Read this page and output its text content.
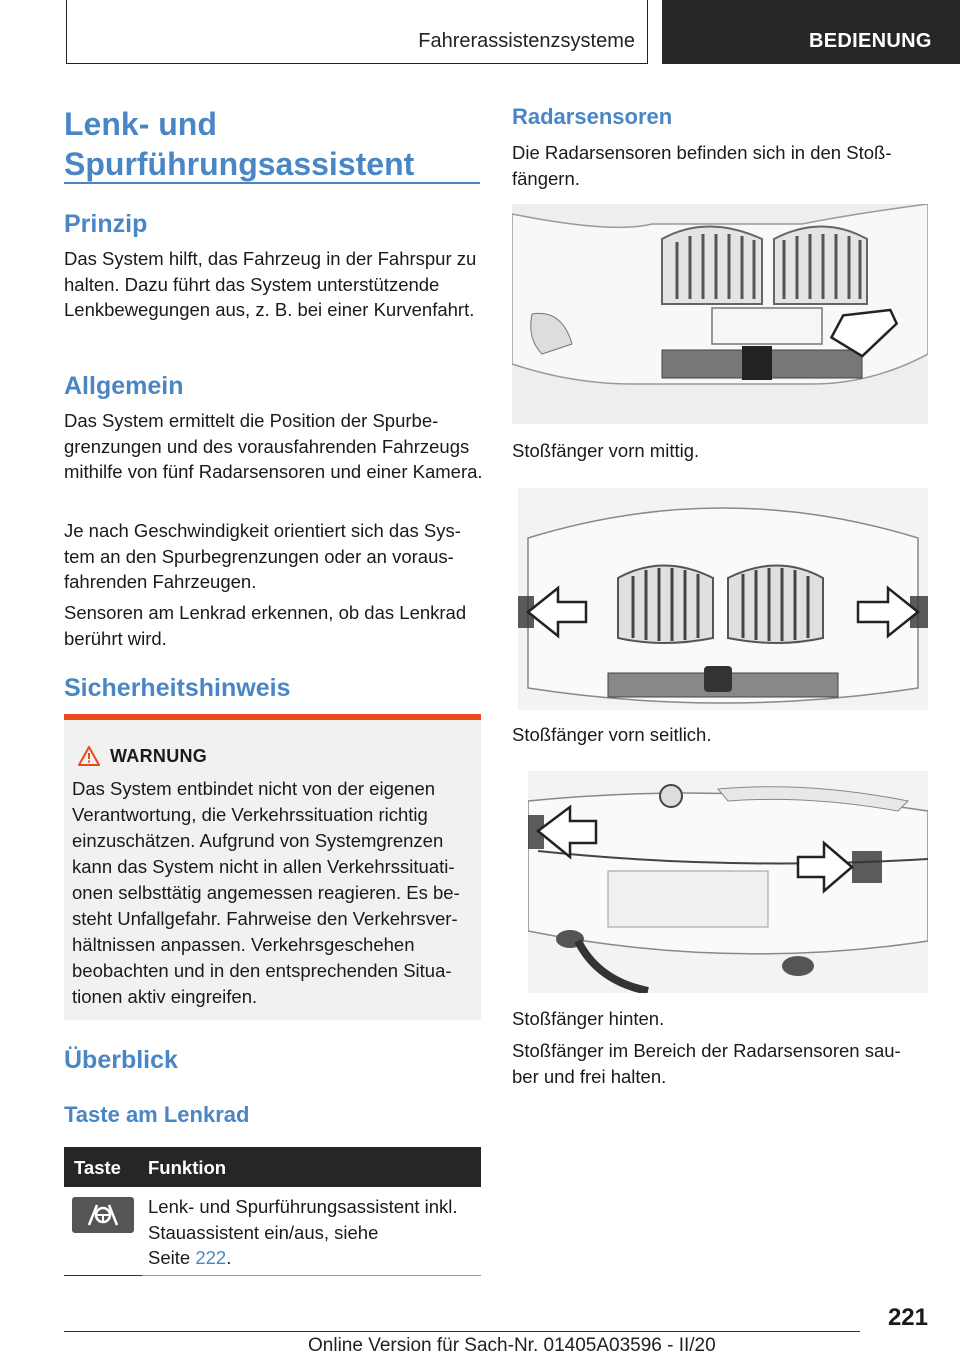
Fahrerassistenzsysteme	BEDIENUNG
Lenk- und Spurführungsassistent
Prinzip
Das System hilft, das Fahrzeug in der Fahrspur zu halten. Dazu führt das System unterstützende Lenkbewegungen aus, z. B. bei einer Kurvenfahrt.
Allgemein
Das System ermittelt die Position der Spurbegrenzungen und des vorausfahrenden Fahrzeugs mithilfe von fünf Radarsensoren und einer Kamera.
Je nach Geschwindigkeit orientiert sich das System an den Spurbegrenzungen oder an vorausfahrenden Fahrzeugen.
Sensoren am Lenkrad erkennen, ob das Lenkrad berührt wird.
Sicherheitshinweis
WARNUNG
Das System entbindet nicht von der eigenen Verantwortung, die Verkehrssituation richtig einzuschätzen. Aufgrund von Systemgrenzen kann das System nicht in allen Verkehrssituationen selbsttätig angemessen reagieren. Es besteht Unfallgefahr. Fahrweise den Verkehrsverhältnissen anpassen. Verkehrsgeschehen beobachten und in den entsprechenden Situationen aktiv eingreifen.
Überblick
Taste am Lenkrad
Taste Funktion
Lenk- und Spurführungsassistent inkl. Stauassistent ein/aus, siehe
Seite 222.
Radarsensoren
Die Radarsensoren befinden sich in den Stoßfängern.
Stoßfänger vorn mittig.
Stoßfänger vorn seitlich.
Stoßfänger hinten.
Stoßfänger im Bereich der Radarsensoren sauber und frei halten.
221
Online Version für Sach-Nr. 01405A03596 - II/20
